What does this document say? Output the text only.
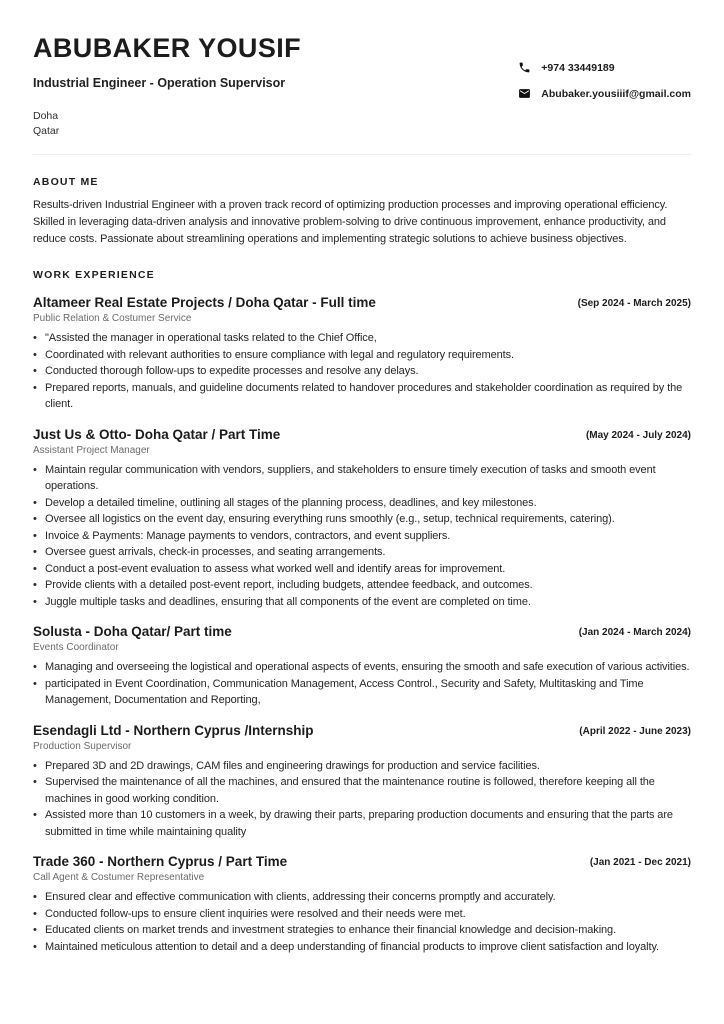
ABUBAKER YOUSIF
Industrial Engineer - Operation Supervisor
Doha
Qatar
+974 33449189
Abubaker.yousiiif@gmail.com
ABOUT ME

Results-driven Industrial Engineer with a proven track record of optimizing production processes and improving operational efficiency. Skilled in leveraging data-driven analysis and innovative problem-solving to drive continuous improvement, enhance productivity, and reduce costs. Passionate about streamlining operations and implementing strategic solutions to achieve business objectives.

WORK EXPERIENCE
Altameer Real Estate Projects / Doha Qatar - Full time	(Sep 2024 - March 2025)
Public Relation & Costumer Service
• "Assisted the manager in operational tasks related to the Chief Office,
• Coordinated with relevant authorities to ensure compliance with legal and regulatory requirements.
• Conducted thorough follow-ups to expedite processes and resolve any delays.
• Prepared reports, manuals, and guideline documents related to handover procedures and stakeholder coordination as required by the client.
Just Us & Otto- Doha Qatar / Part Time	(May 2024 - July 2024)
Assistant Project Manager
• Maintain regular communication with vendors, suppliers, and stakeholders to ensure timely execution of tasks and smooth event operations.
• Develop a detailed timeline, outlining all stages of the planning process, deadlines, and key milestones.
• Oversee all logistics on the event day, ensuring everything runs smoothly (e.g., setup, technical requirements, catering).
• Invoice & Payments: Manage payments to vendors, contractors, and event suppliers.
• Oversee guest arrivals, check-in processes, and seating arrangements.
• Conduct a post-event evaluation to assess what worked well and identify areas for improvement.
• Provide clients with a detailed post-event report, including budgets, attendee feedback, and outcomes.
• Juggle multiple tasks and deadlines, ensuring that all components of the event are completed on time.
Solusta - Doha Qatar/ Part time	(Jan 2024 - March 2024)
Events Coordinator
• Managing and overseeing the logistical and operational aspects of events, ensuring the smooth and safe execution of various activities.
• participated in Event Coordination, Communication Management, Access Control., Security and Safety, Multitasking and Time Management, Documentation and Reporting,
Esendagli Ltd - Northern Cyprus /Internship	(April 2022 - June 2023)
Production Supervisor
• Prepared 3D and 2D drawings, CAM files and engineering drawings for production and service facilities.
• Supervised the maintenance of all the machines, and ensured that the maintenance routine is followed, therefore keeping all the machines in good working condition.
• Assisted more than 10 customers in a week, by drawing their parts, preparing production documents and ensuring that the parts are submitted in time while maintaining quality
Trade 360 - Northern Cyprus / Part Time	(Jan 2021 - Dec 2021)
Call Agent & Costumer Representative
• Ensured clear and effective communication with clients, addressing their concerns promptly and accurately.
• Conducted follow-ups to ensure client inquiries were resolved and their needs were met.
• Educated clients on market trends and investment strategies to enhance their financial knowledge and decision-making.
• Maintained meticulous attention to detail and a deep understanding of financial products to improve client satisfaction and loyalty.
